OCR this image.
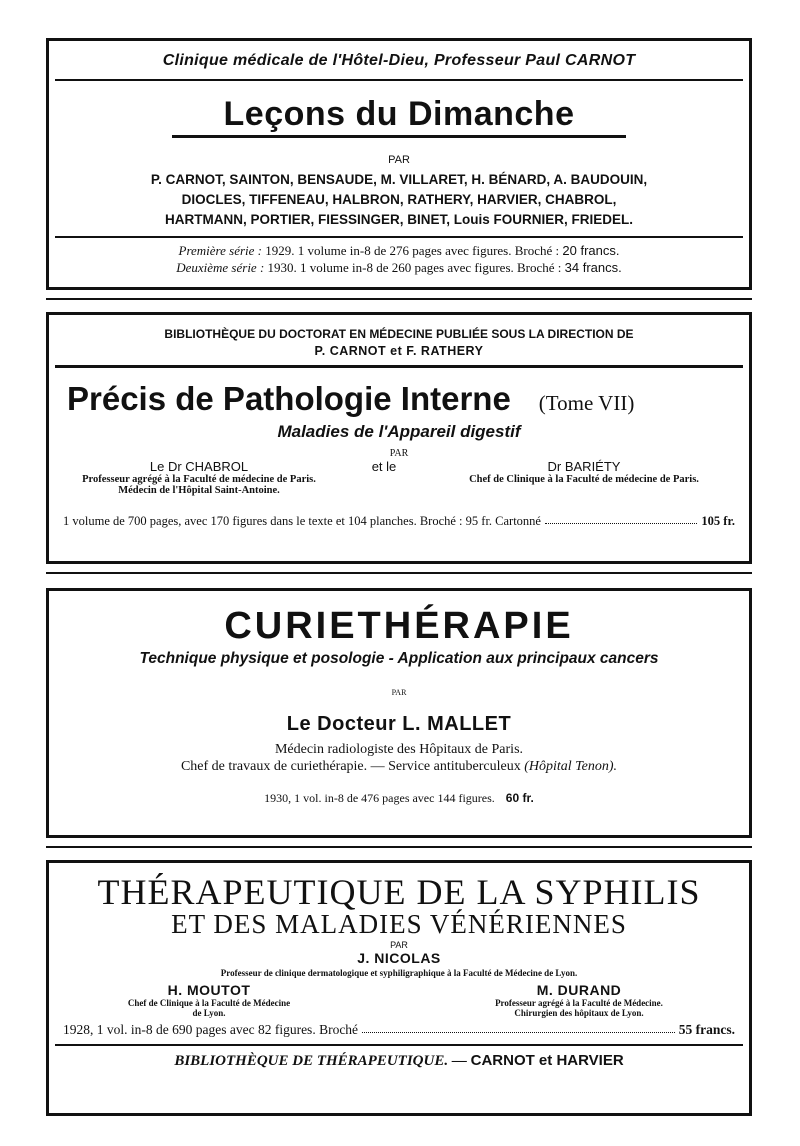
Clinique médicale de l'Hôtel-Dieu, Professeur Paul CARNOT
Leçons du Dimanche
PAR
P. CARNOT, SAINTON, BENSAUDE, M. VILLARET, H. BÉNARD, A. BAUDOUIN,
DIOCLES, TIFFENEAU, HALBRON, RATHERY, HARVIER, CHABROL,
HARTMANN, PORTIER, FIESSINGER, BINET, Louis FOURNIER, FRIEDEL.
Première série : 1929. 1 volume in-8 de 276 pages avec figures. Broché : 20 francs.
Deuxième série : 1930. 1 volume in-8 de 260 pages avec figures. Broché : 34 francs.
BIBLIOTHÈQUE DU DOCTORAT EN MÉDECINE PUBLIÉE SOUS LA DIRECTION DE
P. CARNOT et F. RATHERY
Précis de Pathologie Interne (Tome VII)
Maladies de l'Appareil digestif
PAR
Le Dr CHABROL
Professeur agrégé à la Faculté de médecine de Paris.
Médecin de l'Hôpital Saint-Antoine.
et le	Dr BARIÉTY
Chef de Clinique à la Faculté de médecine de Paris.
1 volume de 700 pages, avec 170 figures dans le texte et 104 planches. Broché : 95 fr. Cartonné	105 fr.
CURIETHÉRAPIE
Technique physique et posologie - Application aux principaux cancers
PAR
Le Docteur L. MALLET
Médecin radiologiste des Hôpitaux de Paris.
Chef de travaux de curiethérapie. — Service antituberculeux (Hôpital Tenon).
1930, 1 vol. in-8 de 476 pages avec 144 figures. 60 fr.
THÉRAPEUTIQUE DE LA SYPHILIS
ET DES MALADIES VÉNÉRIENNES
PAR
J. NICOLAS
Professeur de clinique dermatologique et syphiligraphique à la Faculté de Médecine de Lyon.
H. MOUTOT
Chef de Clinique à la Faculté de Médecine
de Lyon.
M. DURAND
Professeur agrégé à la Faculté de Médecine.
Chirurgien des hôpitaux de Lyon.
1928, 1 vol. in-8 de 690 pages avec 82 figures. Broché	55 francs.
BIBLIOTHÈQUE DE THÉRAPEUTIQUE. — CARNOT et HARVIER
